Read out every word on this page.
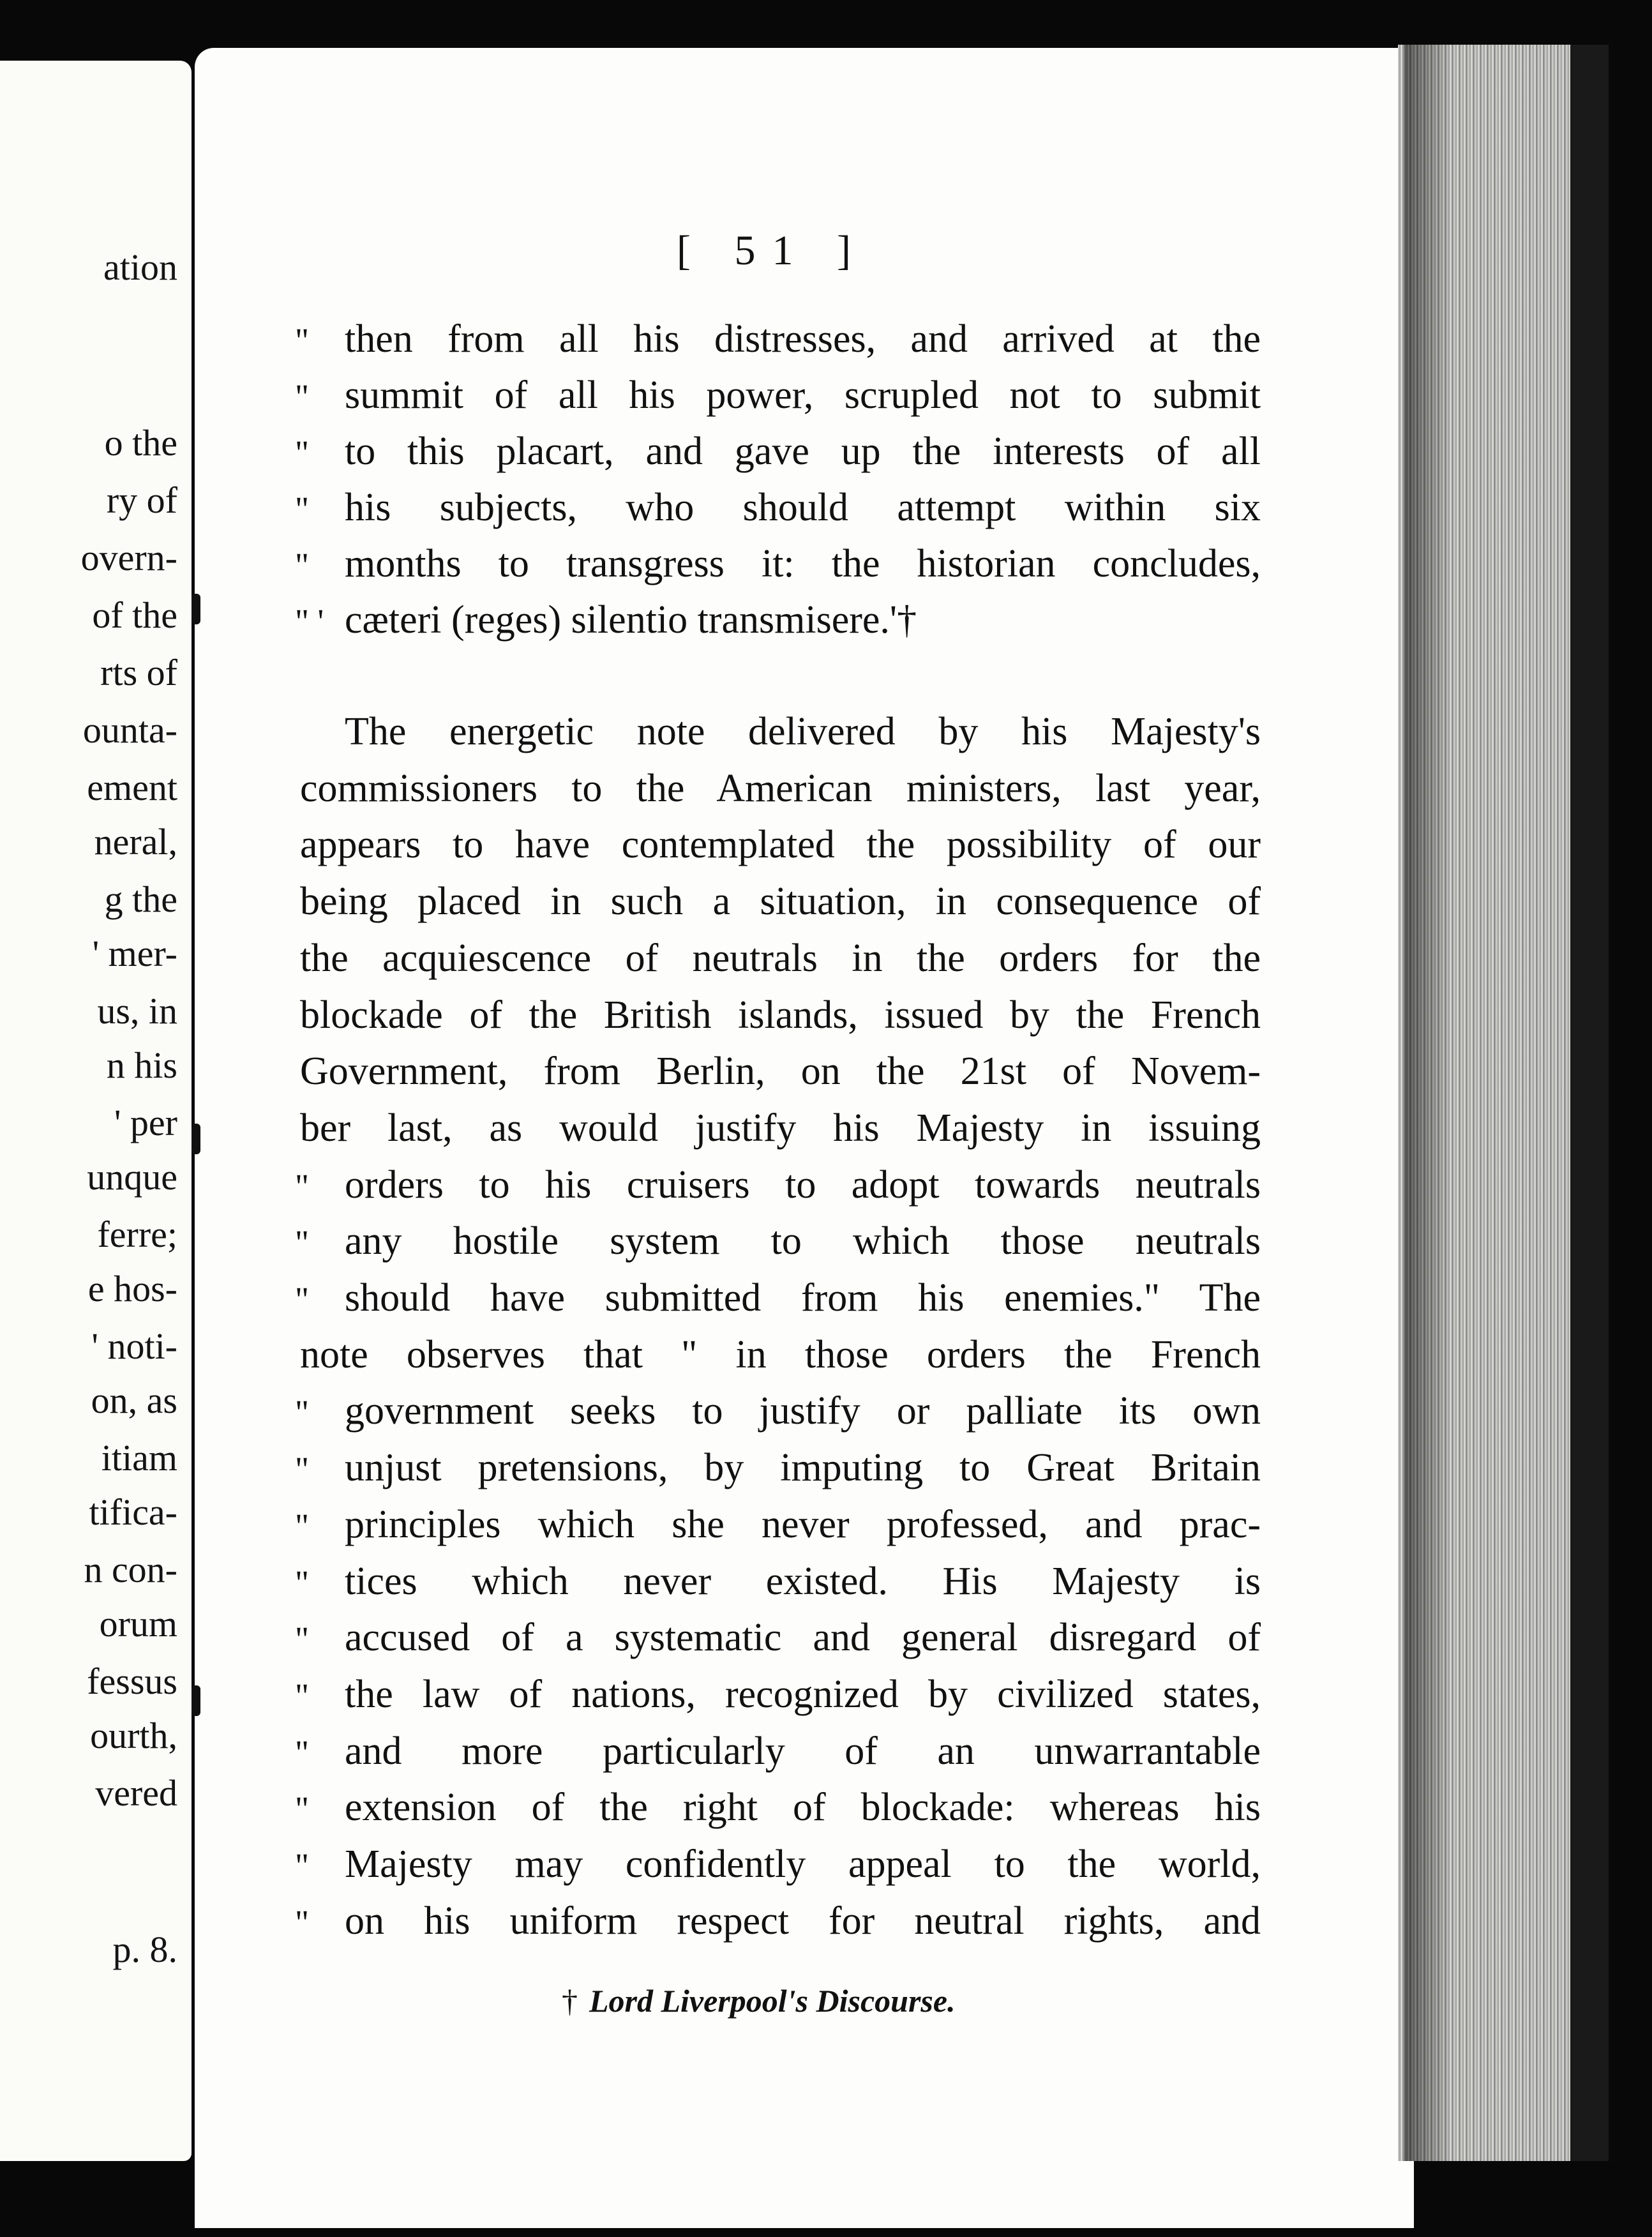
ation
o the
ry of
overn-
of the
rts of
ounta-
ement
neral,
g the
' mer-
us, in
n his
' per
unque
ferre;
e hos-
' noti-
on, as
itiam
tifica-
n con-
orum
fessus
ourth,
vered
p. 8.
[ 51 ]
" then from all his distresses, and arrived at the
" summit of all his power, scrupled not to submit
" to this placart, and gave up the interests of all
" his subjects, who should attempt within six
" months to transgress it: the historian concludes,
" ' cæteri (reges) silentio transmisere.'†
The energetic note delivered by his Majesty's
commissioners to the American ministers, last year,
appears to have contemplated the possibility of our
being placed in such a situation, in consequence of
the acquiescence of neutrals in the orders for the
blockade of the British islands, issued by the French
Government, from Berlin, on the 21st of Novem-
ber last, as would justify his Majesty in issuing
" orders to his cruisers to adopt towards neutrals
" any hostile system to which those neutrals
" should have submitted from his enemies." The
note observes that " in those orders the French
" government seeks to justify or palliate its own
" unjust pretensions, by imputing to Great Britain
" principles which she never professed, and prac-
" tices which never existed. His Majesty is
" accused of a systematic and general disregard of
" the law of nations, recognized by civilized states,
" and more particularly of an unwarrantable
" extension of the right of blockade: whereas his
" Majesty may confidently appeal to the world,
" on his uniform respect for neutral rights, and
† Lord Liverpool's Discourse.
